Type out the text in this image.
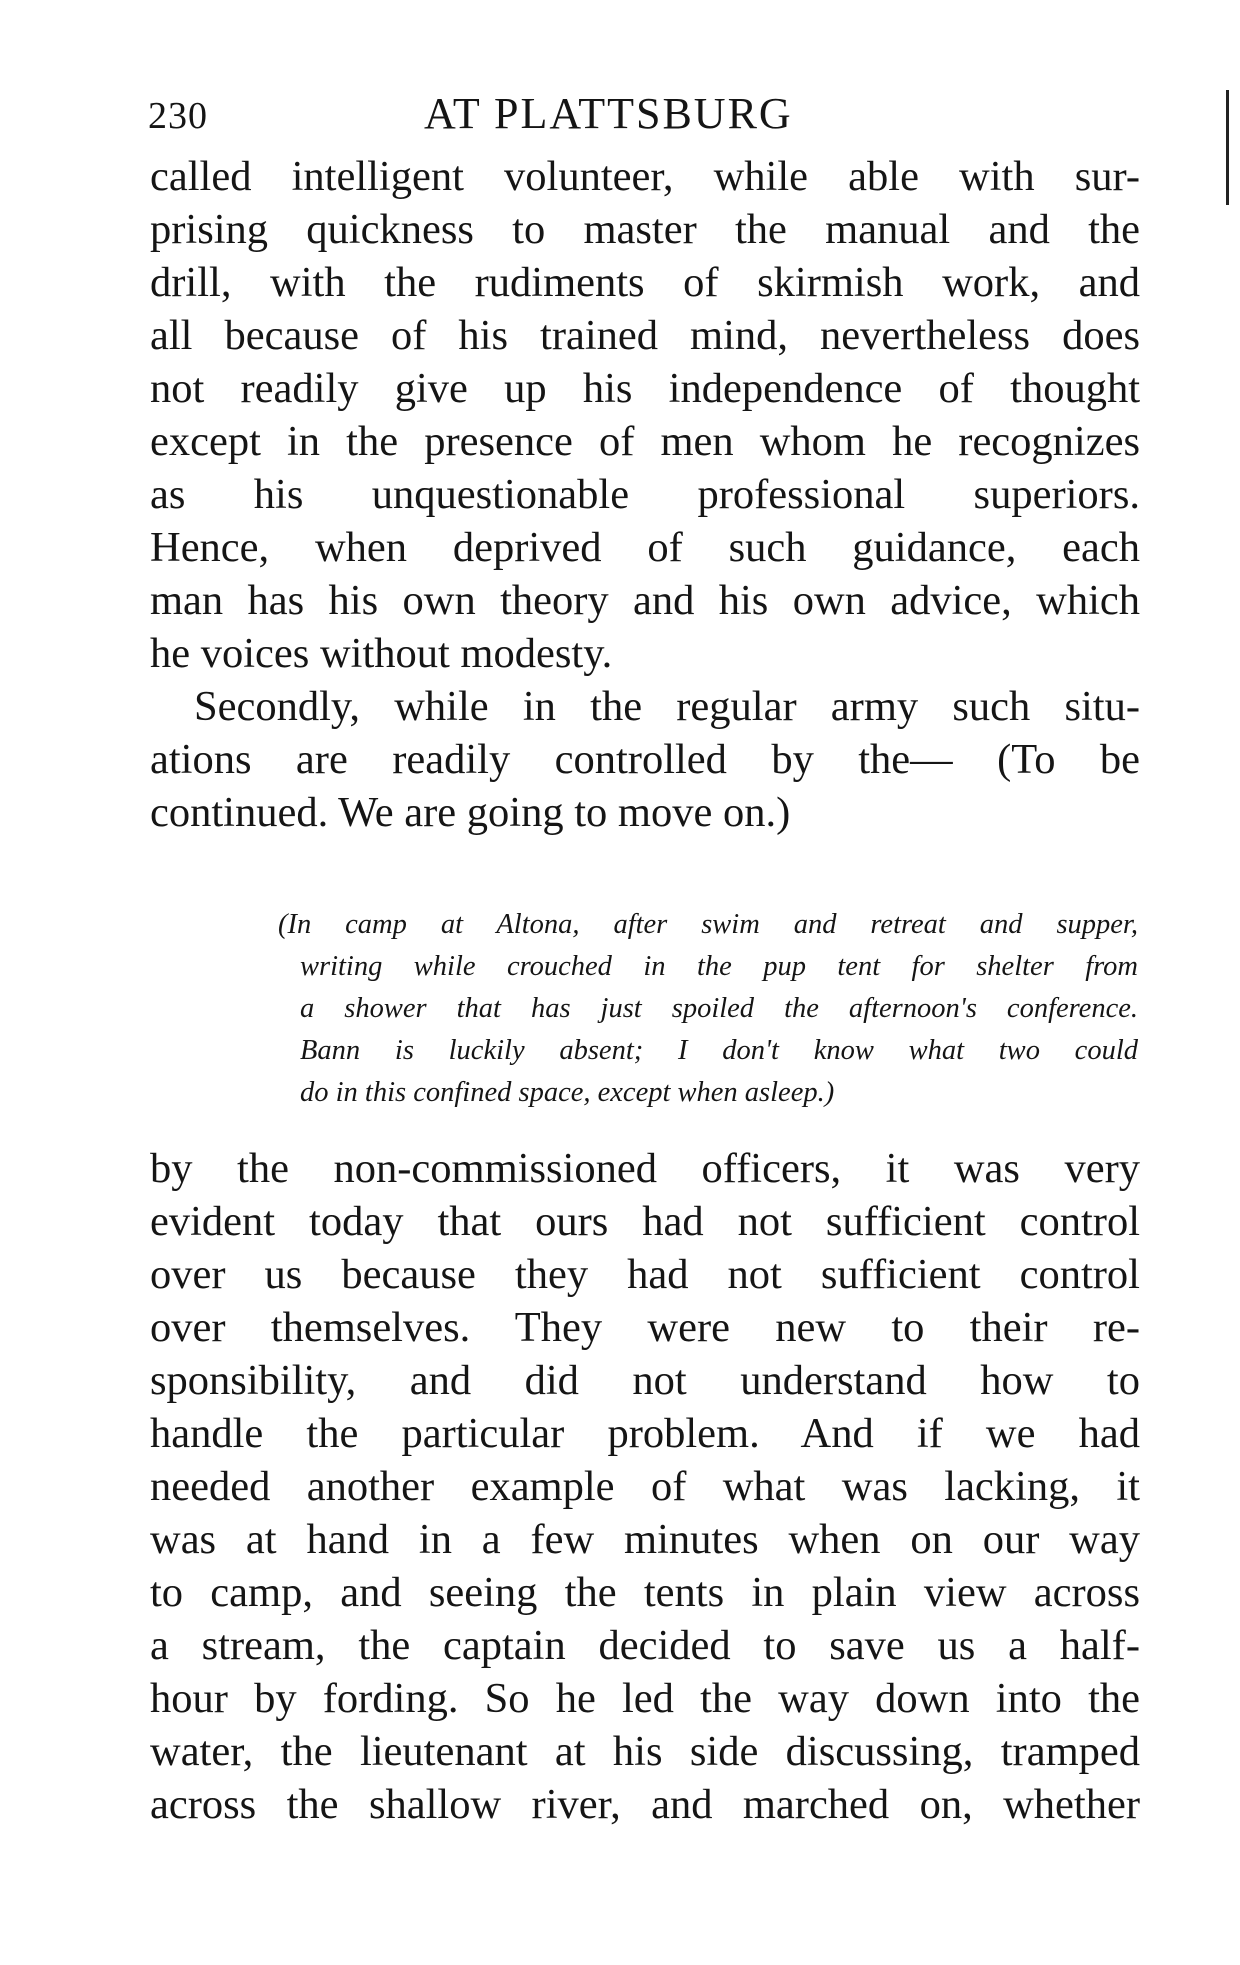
230	AT PLATTSBURG
called intelligent volunteer, while able with sur-
prising quickness to master the manual and the
drill, with the rudiments of skirmish work, and
all because of his trained mind, nevertheless does
not readily give up his independence of thought
except in the presence of men whom he recognizes
as his unquestionable professional superiors.
Hence, when deprived of such guidance, each
man has his own theory and his own advice, which
he voices without modesty.
Secondly, while in the regular army such situ-
ations are readily controlled by the— (To be
continued. We are going to move on.)
(In camp at Altona, after swim and retreat and supper,
writing while crouched in the pup tent for shelter from
a shower that has just spoiled the afternoon's conference.
Bann is luckily absent; I don't know what two could
do in this confined space, except when asleep.)
by the non-commissioned officers, it was very
evident today that ours had not sufficient control
over us because they had not sufficient control
over themselves. They were new to their re-
sponsibility, and did not understand how to
handle the particular problem. And if we had
needed another example of what was lacking, it
was at hand in a few minutes when on our way
to camp, and seeing the tents in plain view across
a stream, the captain decided to save us a half-
hour by fording. So he led the way down into the
water, the lieutenant at his side discussing, tramped
across the shallow river, and marched on, whether
